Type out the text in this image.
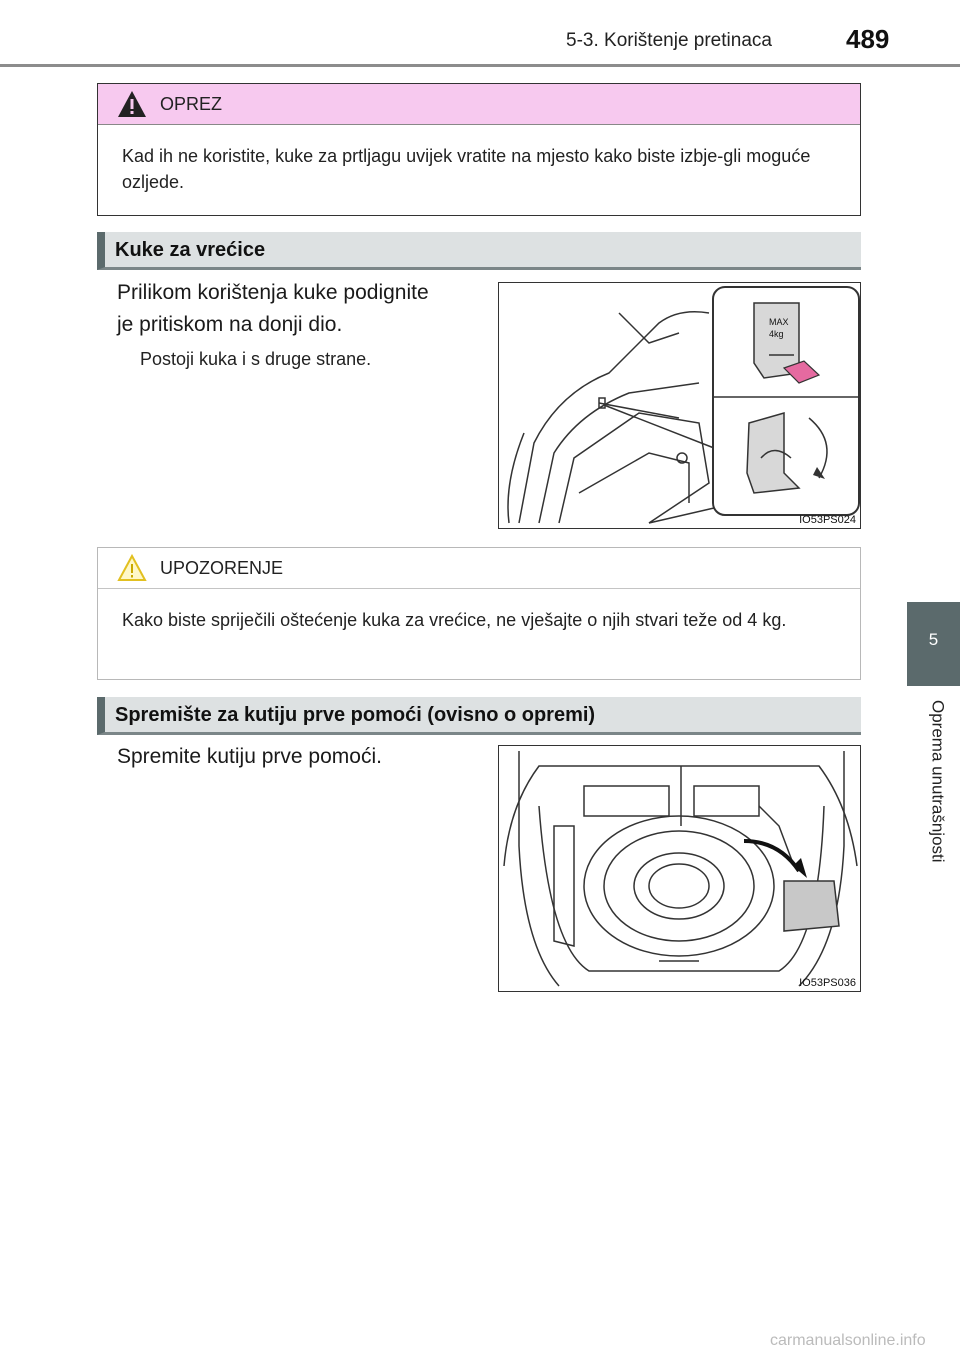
5-3. Korištenje pretinaca	489
5
Oprema unutrašnjosti
OPREZ
Kad ih ne koristite, kuke za prtljagu uvijek vratite na mjesto kako biste izbje-gli moguće ozljede.
Kuke za vrećice
Prilikom korištenja kuke podignite
je pritiskom na donji dio.
Postoji kuka i s druge strane.
MAX
4kg
IO53PS024
UPOZORENJE
Kako biste spriječili oštećenje kuka za vrećice, ne vješajte o njih stvari teže od 4 kg.
Spremište za kutiju prve pomoći (ovisno o opremi)
Spremite kutiju prve pomoći.
IO53PS036
carmanualsonline.info
